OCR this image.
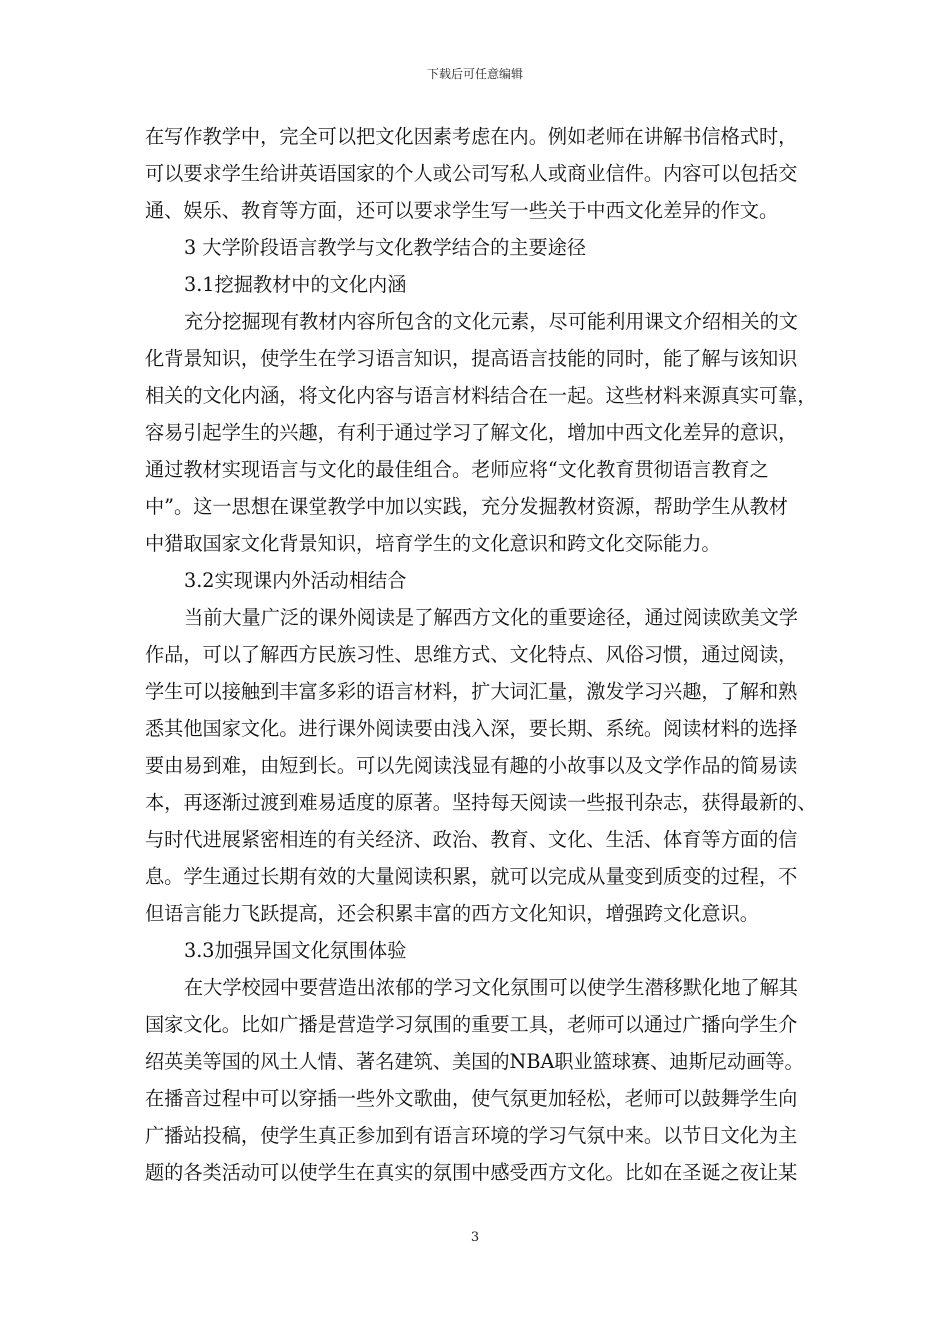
下载后可任意编辑
在写作教学中，完全可以把文化因素考虑在内。例如老师在讲解书信格式时，
可以要求学生给讲英语国家的个人或公司写私人或商业信件。内容可以包括交
通、娱乐、教育等方面，还可以要求学生写一些关于中西文化差异的作文。
3 大学阶段语言教学与文化教学结合的主要途径
3.1挖掘教材中的文化内涵
充分挖掘现有教材内容所包含的文化元素，尽可能利用课文介绍相关的文
化背景知识，使学生在学习语言知识，提高语言技能的同时，能了解与该知识
相关的文化内涵，将文化内容与语言材料结合在一起。这些材料来源真实可靠，
容易引起学生的兴趣，有利于通过学习了解文化，增加中西文化差异的意识，
通过教材实现语言与文化的最佳组合。老师应将“文化教育贯彻语言教育之
中”。这一思想在课堂教学中加以实践，充分发掘教材资源，帮助学生从教材
中猎取国家文化背景知识，培育学生的文化意识和跨文化交际能力。
3.2实现课内外活动相结合
当前大量广泛的课外阅读是了解西方文化的重要途径，通过阅读欧美文学
作品，可以了解西方民族习性、思维方式、文化特点、风俗习惯，通过阅读，
学生可以接触到丰富多彩的语言材料，扩大词汇量，激发学习兴趣，了解和熟
悉其他国家文化。进行课外阅读要由浅入深，要长期、系统。阅读材料的选择
要由易到难，由短到长。可以先阅读浅显有趣的小故事以及文学作品的简易读
本，再逐渐过渡到难易适度的原著。坚持每天阅读一些报刊杂志，获得最新的、
与时代进展紧密相连的有关经济、政治、教育、文化、生活、体育等方面的信
息。学生通过长期有效的大量阅读积累，就可以完成从量变到质变的过程，不
但语言能力飞跃提高，还会积累丰富的西方文化知识，增强跨文化意识。
3.3加强异国文化氛围体验
在大学校园中要营造出浓郁的学习文化氛围可以使学生潜移默化地了解其
国家文化。比如广播是营造学习氛围的重要工具，老师可以通过广播向学生介
绍英美等国的风土人情、著名建筑、美国的NBA职业篮球赛、迪斯尼动画等。
在播音过程中可以穿插一些外文歌曲，使气氛更加轻松，老师可以鼓舞学生向
广播站投稿，使学生真正参加到有语言环境的学习气氛中来。以节日文化为主
题的各类活动可以使学生在真实的氛围中感受西方文化。比如在圣诞之夜让某
3
